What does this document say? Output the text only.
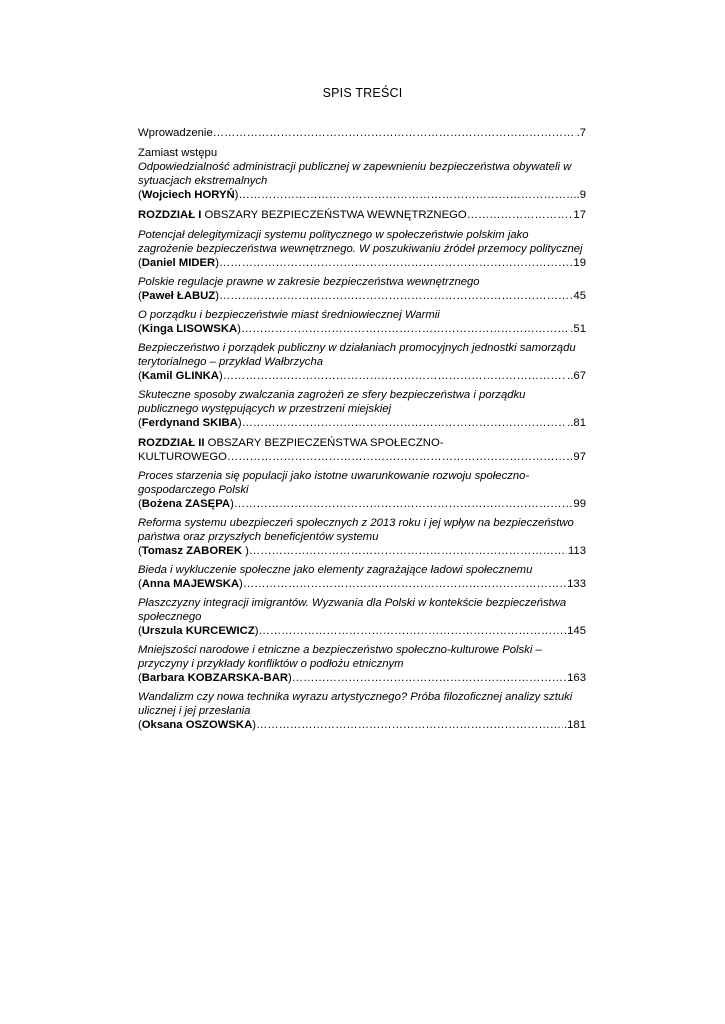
SPIS TREŚCI
Wprowadzenie …………………………………………………………………………………………………………………………………………………………………………………………	.7
Zamiast wstępu
Odpowiedzialność administracji publicznej w zapewnieniu bezpieczeństwa obywateli w sytuacjach ekstremalnych
(Wojciech HORYŃ) …………………………………………………………………………………………………………………………………………………………………………………………	..9
ROZDZIAŁ I OBSZARY BEZPIECZEŃSTWA WEWNĘTRZNEGO …………………………………………………………………………………………………………………………………………………………………………………………	17
Potencjał delegitymizacji systemu politycznego w społeczeństwie polskim jako zagrożenie bezpieczeństwa wewnętrznego. W poszukiwaniu źródeł przemocy politycznej
(Daniel MIDER) …………………………………………………………………………………………………………………………………………………………………………………………	19
Polskie regulacje prawne w zakresie bezpieczeństwa wewnętrznego
(Paweł ŁABUZ) …………………………………………………………………………………………………………………………………………………………………………………………	45
O porządku i bezpieczeństwie miast średniowiecznej Warmii
(Kinga LISOWSKA) …………………………………………………………………………………………………………………………………………………………………………………………	.51
Bezpieczeństwo i porządek publiczny w działaniach promocyjnych jednostki samorządu terytorialnego – przykład Wałbrzycha
(Kamil GLINKA) …………………………………………………………………………………………………………………………………………………………………………………………	..67
Skuteczne sposoby zwalczania zagrożeń ze sfery bezpieczeństwa i porządku publicznego występujących w przestrzeni miejskiej
(Ferdynand SKIBA) …………………………………………………………………………………………………………………………………………………………………………………………	..81
ROZDZIAŁ II OBSZARY BEZPIECZEŃSTWA SPOŁECZNO-
KULTUROWEGO …………………………………………………………………………………………………………………………………………………………………………………………	97
Proces starzenia się populacji jako istotne uwarunkowanie rozwoju społeczno-gospodarczego Polski
(Bożena ZASĘPA) …………………………………………………………………………………………………………………………………………………………………………………………	99
Reforma systemu ubezpieczeń społecznych z 2013 roku i jej wpływ na bezpieczeństwo państwa oraz przyszłych beneficjentów systemu
(Tomasz ZABOREK ) …………………………………………………………………………………………………………………………………………………………………………………………	113
Bieda i wykluczenie społeczne jako elementy zagrażające ładowi społecznemu
(Anna MAJEWSKA) …………………………………………………………………………………………………………………………………………………………………………………………	133
Płaszczyzny integracji imigrantów. Wyzwania dla Polski w kontekście bezpieczeństwa społecznego
(Urszula KURCEWICZ) …………………………………………………………………………………………………………………………………………………………………………………………	145
Mniejszości narodowe i etniczne a bezpieczeństwo społeczno-kulturowe Polski – przyczyny i przykłady konfliktów o podłożu etnicznym
(Barbara KOBZARSKA-BAR) …………………………………………………………………………………………………………………………………………………………………………………………	163
Wandalizm czy nowa technika wyrazu artystycznego? Próba filozoficznej analizy sztuki ulicznej i jej przesłania
(Oksana OSZOWSKA) …………………………………………………………………………………………………………………………………………………………………………………………	.181
